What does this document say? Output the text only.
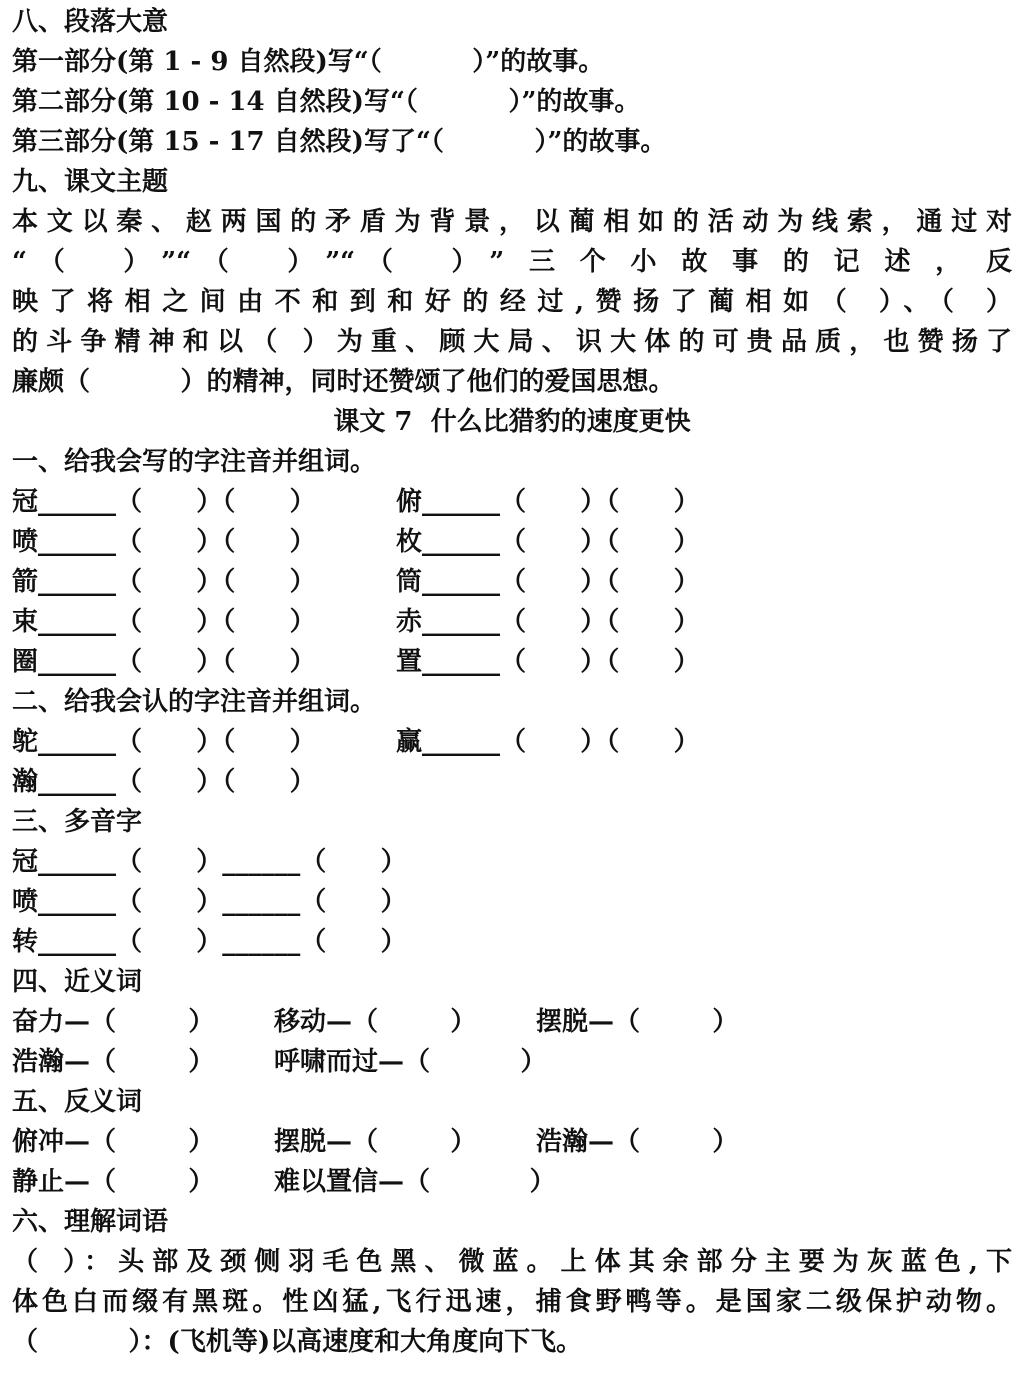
八、段落大意
第一部分(第 1 - 9 自然段)写“（          ）”的故事。
第二部分(第 10 - 14 自然段)写“（          ）”的故事。
第三部分(第 15 - 17 自然段)写了“（          ）”的故事。
九、课文主题
本文以秦、赵两国的矛盾为背景，以蔺相如的活动为线索，通过对
“（ ）”“（ ）”“（ ）”三个小故事的记述，反
映了将相之间由不和到和好的经过,赞扬了蔺相如（ ）、（ ）
的斗争精神和以（ ）为重、顾大局、识大体的可贵品质，也赞扬了
廉颇（          ）的精神，同时还赞颂了他们的爱国思想。
课文 7  什么比猎豹的速度更快
一、给我会写的字注音并组词。
冠______（      ）（      ）	俯______（      ）（      ）
喷______（      ）（      ）	枚______（      ）（      ）
箭______（      ）（      ）	筒______（      ）（      ）
束______（      ）（      ）	赤______（      ）（      ）
圈______（      ）（      ）	置______（      ）（      ）
二、给我会认的字注音并组词。
鸵______（      ）（      ）	赢______（      ）（      ）
瀚______（      ）（      ）
三、多音字
冠______（      ）______（      ）
喷______（      ）______（      ）
转______（      ）______（      ）
四、近义词
奋力—（        ）	移动—（        ）	摆脱—（        ）
浩瀚—（        ）	呼啸而过—（          ）
五、反义词
俯冲—（        ）	摆脱—（        ）	浩瀚—（        ）
静止—（        ）	难以置信—（           ）
六、理解词语
（ ）：头部及颈侧羽毛色黑、微蓝。上体其余部分主要为灰蓝色,下
体色白而缀有黑斑。性凶猛,飞行迅速，捕食野鸭等。是国家二级保护动物。
（          ）：(飞机等)以高速度和大角度向下飞。
